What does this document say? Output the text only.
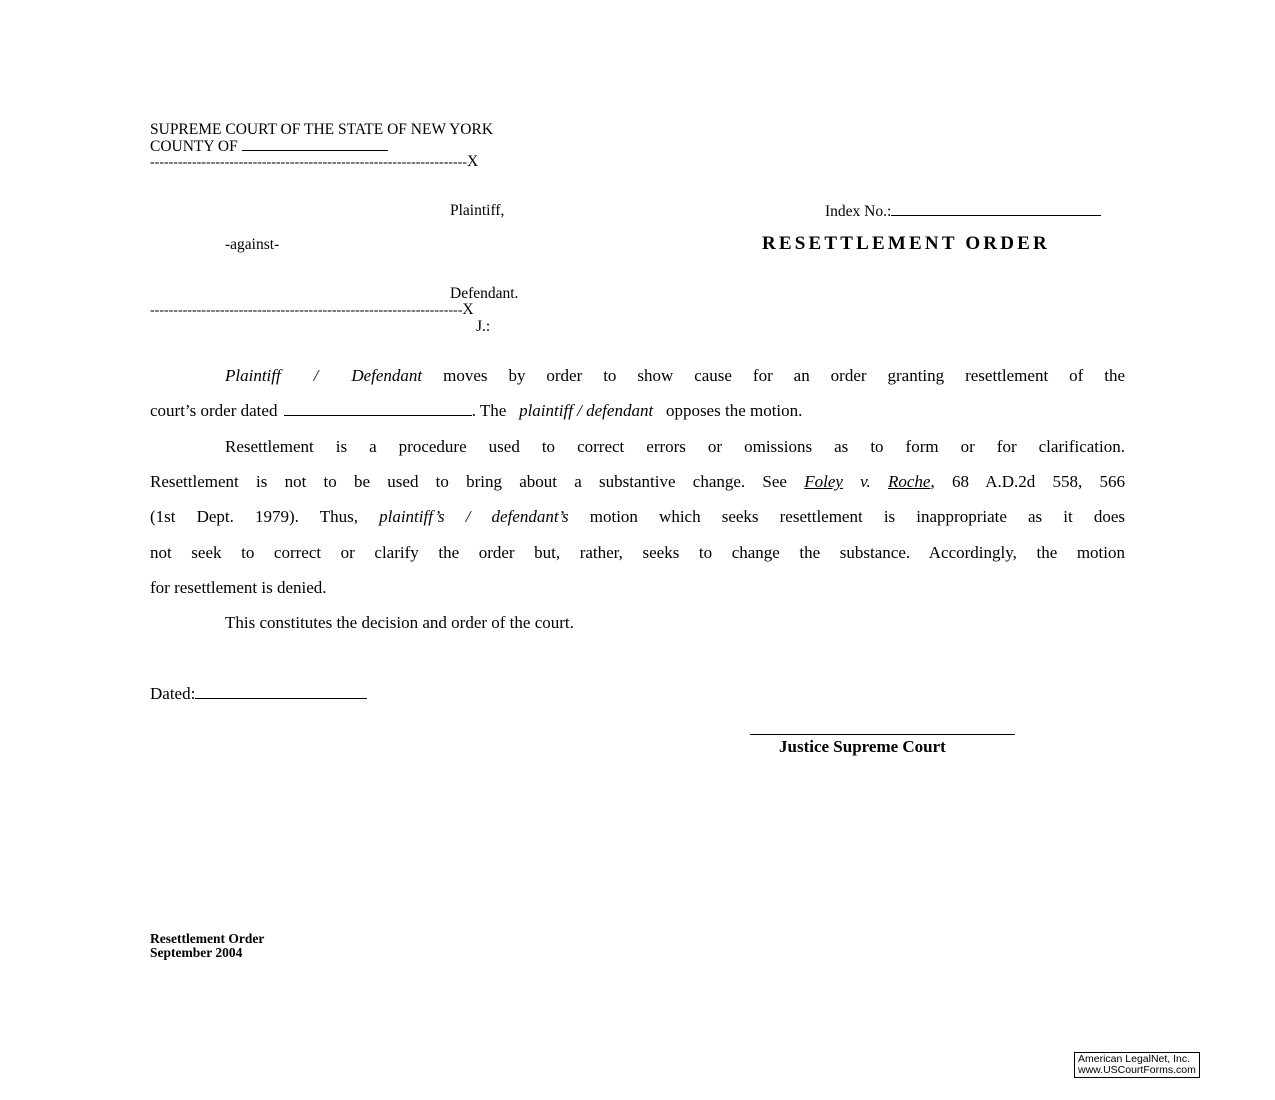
SUPREME COURT OF THE STATE OF NEW YORK
COUNTY OF
--------------------------------------------------------------------X
Plaintiff,	Index No.:
-against-	RESETTLEMENT ORDER
Defendant.
-------------------------------------------------------------------X
J.:
Plaintiff / Defendant moves by order to show cause for an order granting resettlement of the
court’s order dated	. The plaintiff / defendant opposes the motion.
Resettlement is a procedure used to correct errors or omissions as to form or for clarification.
Resettlement is not to be used to bring about a substantive change. See Foley v. Roche, 68 A.D.2d 558, 566
(1st Dept. 1979). Thus, plaintiff’s / defendant’s motion which seeks resettlement is inappropriate as it does
not seek to correct or clarify the order but, rather, seeks to change the substance. Accordingly, the motion
for resettlement is denied.
This constitutes the decision and order of the court.
Dated:
Justice Supreme Court
Resettlement Order
September 2004
American LegalNet, Inc.
www.USCourtForms.com
